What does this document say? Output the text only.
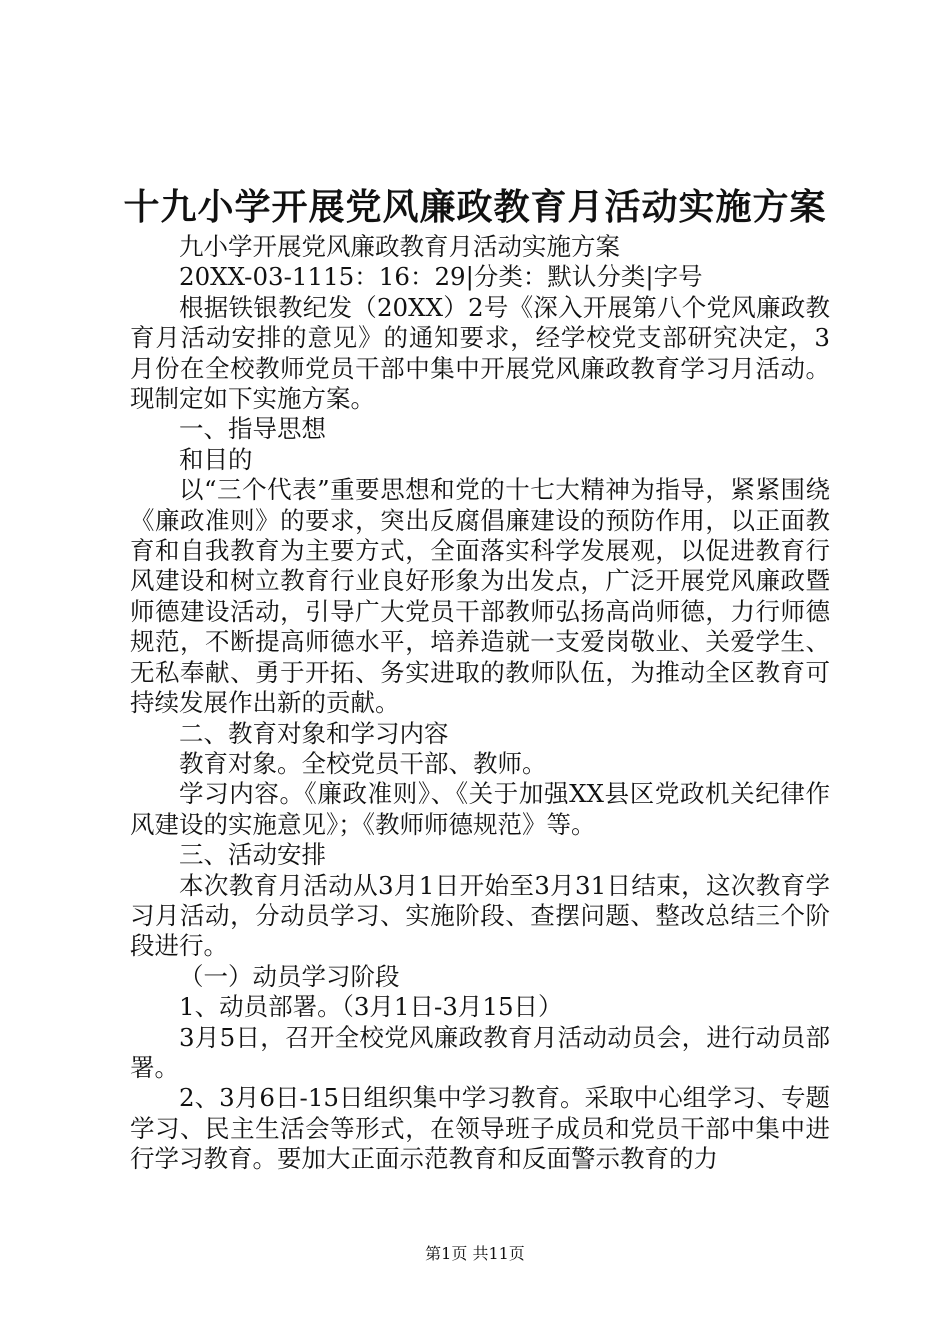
十九小学开展党风廉政教育月活动实施方案

九小学开展党风廉政教育月活动实施方案

20XX-03-1115：16：29|分类：默认分类|字号

根据铁银教纪发（20XX）2号《深入开展第八个党风廉政教育月活动安排的意见》的通知要求，经学校党支部研究决定，3月份在全校教师党员干部中集中开展党风廉政教育学习月活动。现制定如下实施方案。

一、指导思想

和目的

以“三个代表”重要思想和党的十七大精神为指导，紧紧围绕《廉政准则》的要求，突出反腐倡廉建设的预防作用，以正面教育和自我教育为主要方式，全面落实科学发展观，以促进教育行风建设和树立教育行业良好形象为出发点，广泛开展党风廉政暨师德建设活动，引导广大党员干部教师弘扬高尚师德，力行师德规范，不断提高师德水平，培养造就一支爱岗敬业、关爱学生、无私奉献、勇于开拓、务实进取的教师队伍，为推动全区教育可持续发展作出新的贡献。

二、教育对象和学习内容

教育对象。全校党员干部、教师。

学习内容。《廉政准则》、《关于加强XX县区党政机关纪律作风建设的实施意见》；《教师师德规范》等。

三、活动安排

本次教育月活动从3月1日开始至3月31日结束，这次教育学习月活动，分动员学习、实施阶段、查摆问题、整改总结三个阶段进行。

（一）动员学习阶段

1、动员部署。（3月1日-3月15日）

3月5日，召开全校党风廉政教育月活动动员会，进行动员部署。

2、3月6日-15日组织集中学习教育。采取中心组学习、专题学习、民主生活会等形式，在领导班子成员和党员干部中集中进行学习教育。要加大正面示范教育和反面警示教育的力

第1页 共11页
